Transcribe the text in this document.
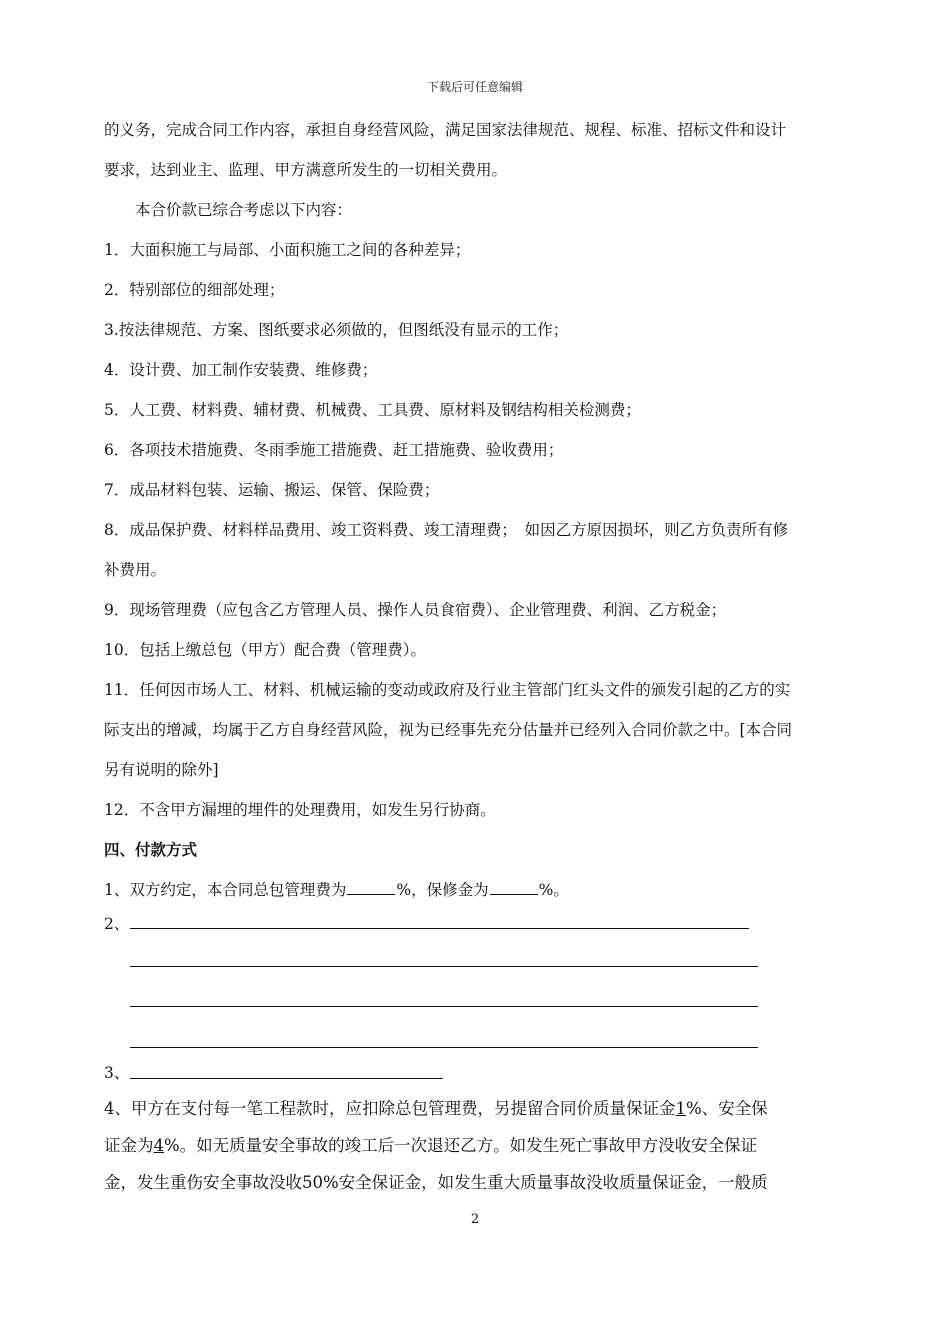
下载后可任意编辑
的义务，完成合同工作内容，承担自身经营风险，满足国家法律规范、规程、标准、招标文件和设计
要求，达到业主、监理、甲方满意所发生的一切相关费用。
本合价款已综合考虑以下内容：
1．大面积施工与局部、小面积施工之间的各种差异；
2．特别部位的细部处理；
3.按法律规范、方案、图纸要求必须做的，但图纸没有显示的工作；
4．设计费、加工制作安装费、维修费；
5．人工费、材料费、辅材费、机械费、工具费、原材料及钢结构相关检测费；
6．各项技术措施费、冬雨季施工措施费、赶工措施费、验收费用；
7．成品材料包装、运输、搬运、保管、保险费；
8．成品保护费、材料样品费用、竣工资料费、竣工清理费；　如因乙方原因损坏，则乙方负责所有修
补费用。
9．现场管理费（应包含乙方管理人员、操作人员食宿费）、企业管理费、利润、乙方税金；
10．包括上缴总包（甲方）配合费（管理费）。
11．任何因市场人工、材料、机械运输的变动或政府及行业主管部门红头文件的颁发引起的乙方的实
际支出的增减，均属于乙方自身经营风险，视为已经事先充分估量并已经列入合同价款之中。[本合同
另有说明的除外]
12．不含甲方漏埋的埋件的处理费用，如发生另行协商。
四、付款方式
1、双方约定，本合同总包管理费为	%，保修金为	%。
2、
3、
4、甲方在支付每一笔工程款时，应扣除总包管理费，另提留合同价质量保证金1%、安全保
证金为4%。如无质量安全事故的竣工后一次退还乙方。如发生死亡事故甲方没收安全保证
金，发生重伤安全事故没收50%安全保证金，如发生重大质量事故没收质量保证金，一般质
2
